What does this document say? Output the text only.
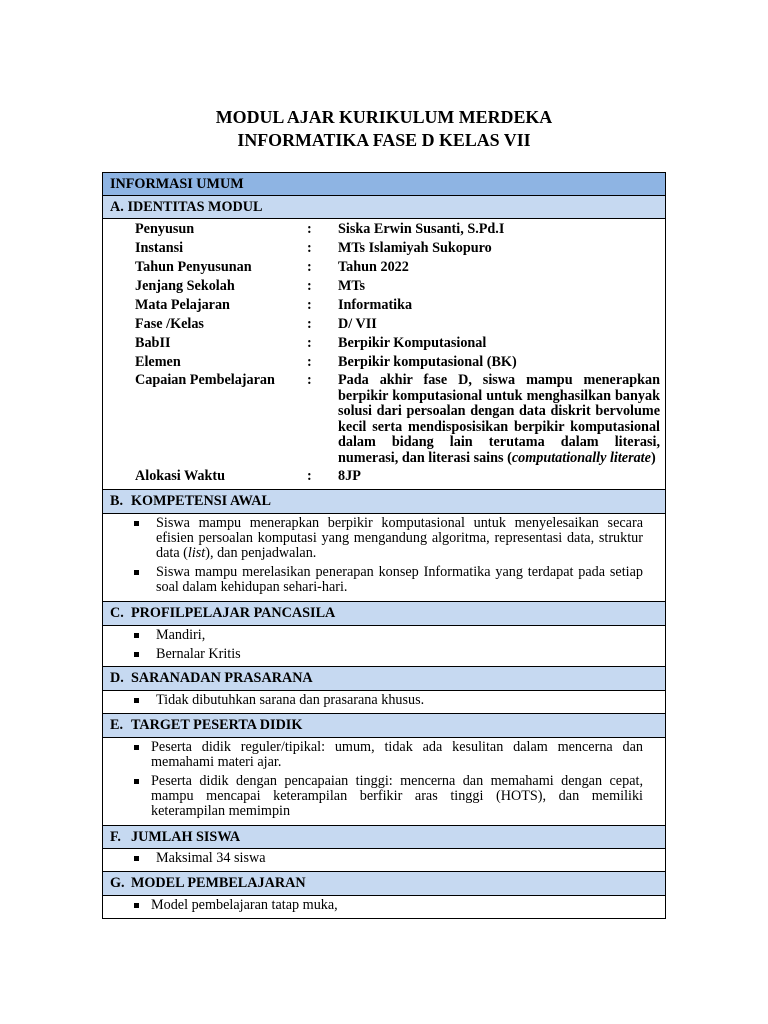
MODUL AJAR KURIKULUM MERDEKA
INFORMATIKA FASE D KELAS VII
INFORMASI UMUM
A. IDENTITAS MODUL
Penyusun	:	Siska Erwin Susanti, S.Pd.I
Instansi	:	MTs Islamiyah Sukopuro
Tahun Penyusunan	:	Tahun 2022
Jenjang Sekolah	:	MTs
Mata Pelajaran	:	Informatika
Fase /Kelas	:	D/ VII
BabII	:	Berpikir Komputasional
Elemen	:	Berpikir komputasional (BK)
Capaian Pembelajaran	:	Pada akhir fase D, siswa mampu menerapkan berpikir komputasional untuk menghasilkan banyak solusi dari persoalan dengan data diskrit bervolume kecil serta mendisposisikan berpikir komputasional dalam bidang lain terutama dalam literasi, numerasi, dan literasi sains (computationally literate)
Alokasi Waktu	:	8JP
B. KOMPETENSI AWAL
Siswa mampu menerapkan berpikir komputasional untuk menyelesaikan secara efisien persoalan komputasi yang mengandung algoritma, representasi data, struktur data (list), dan penjadwalan.
Siswa mampu merelasikan penerapan konsep Informatika yang terdapat pada setiap soal dalam kehidupan sehari-hari.
C. PROFILPELAJAR PANCASILA
Mandiri,
Bernalar Kritis
D. SARANADAN PRASARANA
Tidak dibutuhkan sarana dan prasarana khusus.
E. TARGET PESERTA DIDIK
Peserta didik reguler/tipikal: umum, tidak ada kesulitan dalam mencerna dan memahami materi ajar.
Peserta didik dengan pencapaian tinggi: mencerna dan memahami dengan cepat, mampu mencapai keterampilan berfikir aras tinggi (HOTS), dan memiliki keterampilan memimpin
F. JUMLAH SISWA
Maksimal 34 siswa
G. MODEL PEMBELAJARAN
Model pembelajaran tatap muka,
